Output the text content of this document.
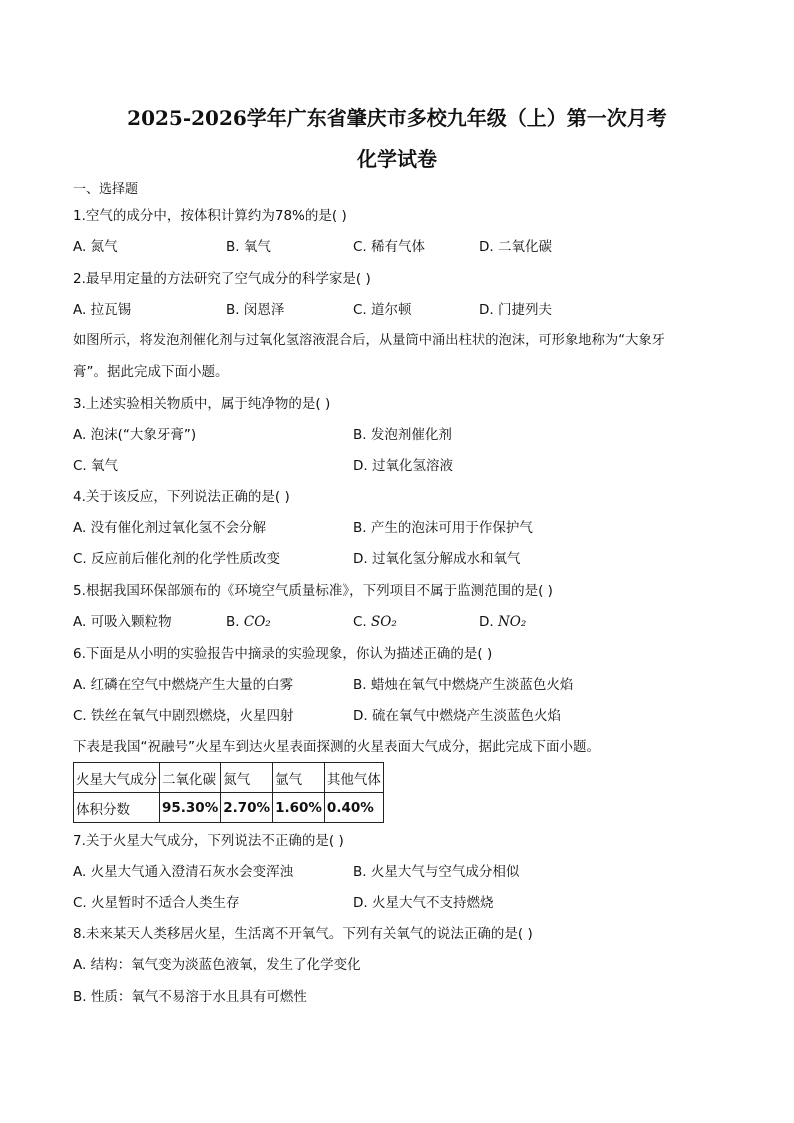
2025-2026学年广东省肇庆市多校九年级（上）第一次月考
化学试卷
一、选择题
1.空气的成分中，按体积计算约为78%的是( )
A. 氮气	B. 氧气	C. 稀有气体	D. 二氧化碳
2.最早用定量的方法研究了空气成分的科学家是( )
A. 拉瓦锡	B. 闵恩泽	C. 道尔顿	D. 门捷列夫
如图所示，将发泡剂催化剂与过氧化氢溶液混合后，从量筒中涌出柱状的泡沫，可形象地称为“大象牙
膏”。据此完成下面小题。
3.上述实验相关物质中，属于纯净物的是( )
A. 泡沫(“大象牙膏”)	B. 发泡剂催化剂
C. 氧气	D. 过氧化氢溶液
4.关于该反应，下列说法正确的是( )
A. 没有催化剂过氧化氢不会分解	B. 产生的泡沫可用于作保护气
C. 反应前后催化剂的化学性质改变	D. 过氧化氢分解成水和氧气
5.根据我国环保部颁布的《环境空气质量标准》，下列项目不属于监测范围的是( )
A. 可吸入颗粒物	B. CO₂	C. SO₂	D. NO₂
6.下面是从小明的实验报告中摘录的实验现象，你认为描述正确的是( )
A. 红磷在空气中燃烧产生大量的白雾	B. 蜡烛在氧气中燃烧产生淡蓝色火焰
C. 铁丝在氧气中剧烈燃烧，火星四射	D. 硫在氧气中燃烧产生淡蓝色火焰
下表是我国“祝融号”火星车到达火星表面探测的火星表面大气成分，据此完成下面小题。
火星大气成分	二氧化碳	氮气	氩气	其他气体
体积分数	95.30%	2.70%	1.60%	0.40%
7.关于火星大气成分，下列说法不正确的是( )
A. 火星大气通入澄清石灰水会变浑浊	B. 火星大气与空气成分相似
C. 火星暂时不适合人类生存	D. 火星大气不支持燃烧
8.未来某天人类移居火星，生活离不开氧气。下列有关氧气的说法正确的是( )
A. 结构：氧气变为淡蓝色液氧，发生了化学变化
B. 性质：氧气不易溶于水且具有可燃性
